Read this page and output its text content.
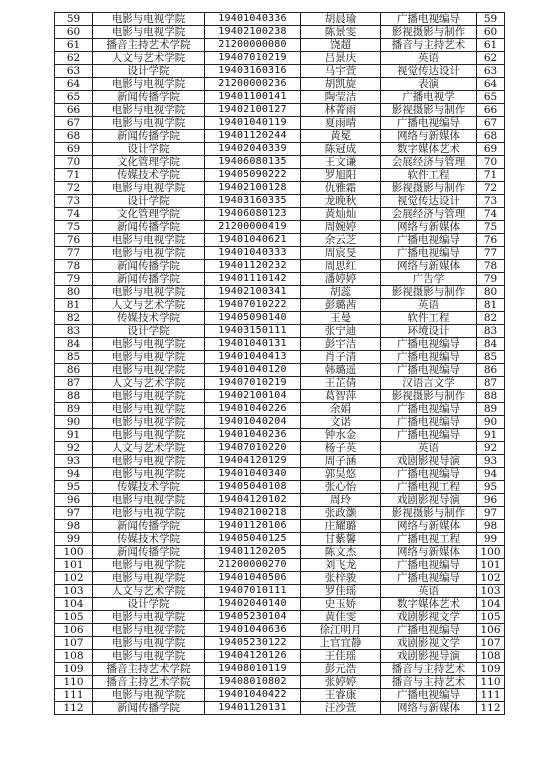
59	电影与电视学院	19401040336	胡晨瑜	广播电视编导	59
60	电影与电视学院	19402100238	陈景雯	影视摄影与制作	60
61	播音主持艺术学院	21200000080	饶超	播音与主持艺术	61
62	人文与艺术学院	19407010219	吕景庆	英语	62
63	设计学院	19403160316	马宇萱	视觉传达设计	63
64	电影与电视学院	21200000236	胡凯旋	表演	64
65	新闻传播学院	19401100141	陶莹洁	广播电视学	65
66	电影与电视学院	19402100127	林菁雨	影视摄影与制作	66
67	电影与电视学院	19401040119	夏雨晴	广播电视编导	67
68	新闻传播学院	19401120244	黄冕	网络与新媒体	68
69	设计学院	19402040339	陈冠成	数字媒体艺术	69
70	文化管理学院	19406080135	王文谦	会展经济与管理	70
71	传媒技术学院	19405090222	罗旭阳	软件工程	71
72	电影与电视学院	19402100128	仇雅霜	影视摄影与制作	72
73	设计学院	19403160335	龙晚秋	视觉传达设计	73
74	文化管理学院	19406080123	黄灿灿	会展经济与管理	74
75	新闻传播学院	21200000419	周婉婷	网络与新媒体	75
76	电影与电视学院	19401040621	余云芝	广播电视编导	76
77	电影与电视学院	19401040333	周宸旻	广播电视编导	77
78	新闻传播学院	19401120232	周思红	网络与新媒体	78
79	新闻传播学院	19401110142	潘婷婷	广告学	79
80	电影与电视学院	19402100341	胡蕊	影视摄影与制作	80
81	人文与艺术学院	19407010222	彭璐茜	英语	81
82	传媒技术学院	19405090140	王曼	软件工程	82
83	设计学院	19403150111	张宁迪	环境设计	83
84	电影与电视学院	19401040131	彭宇洁	广播电视编导	84
85	电影与电视学院	19401040413	肖子清	广播电视编导	85
86	电影与电视学院	19401040120	韩璐遥	广播电视编导	86
87	人文与艺术学院	19407010219	王芷倩	汉语言文学	87
88	电影与电视学院	19402100104	葛智萍	影视摄影与制作	88
89	电影与电视学院	19401040226	余娟	广播电视编导	89
90	电影与电视学院	19401040204	文诺	广播电视编导	90
91	电影与电视学院	19401040236	钟水金	广播电视编导	91
92	人文与艺术学院	19407010220	杨子英	英语	92
93	电影与电视学院	19404120129	周子涵	戏剧影视导演	93
94	电影与电视学院	19401040340	郭昊悠	广播电视编导	94
95	传媒技术学院	19405040108	张心怡	广播电视工程	95
96	电影与电视学院	19404120102	周玲	戏剧影视导演	96
97	电影与电视学院	19402100218	张政灏	影视摄影与制作	97
98	新闻传播学院	19401120106	庄耀璐	网络与新媒体	98
99	传媒技术学院	19405040125	甘紫馨	广播电视工程	99
100	新闻传播学院	19401120205	陈文杰	网络与新媒体	100
101	电影与电视学院	21200000270	刘飞龙	广播电视编导	101
102	电影与电视学院	19401040506	张梓骏	广播电视编导	102
103	人文与艺术学院	19407010111	罗佳瑶	英语	103
104	设计学院	19402040140	史玉娇	数字媒体艺术	104
105	电影与电视学院	19405230104	黄佳雯	戏剧影视文学	105
106	电影与电视学院	19401040636	徐江明月	广播电视编导	106
107	电影与电视学院	19405230122	上官宜静	戏剧影视文学	107
108	电影与电视学院	19404120126	王佳瑶	戏剧影视导演	108
109	播音主持艺术学院	19408010119	彭元浩	播音与主持艺术	109
110	播音主持艺术学院	19408010802	张婷婷	播音与主持艺术	110
111	电影与电视学院	19401040422	王睿康	广播电视编导	111
112	新闻传播学院	19401120131	汪沙萱	网络与新媒体	112
